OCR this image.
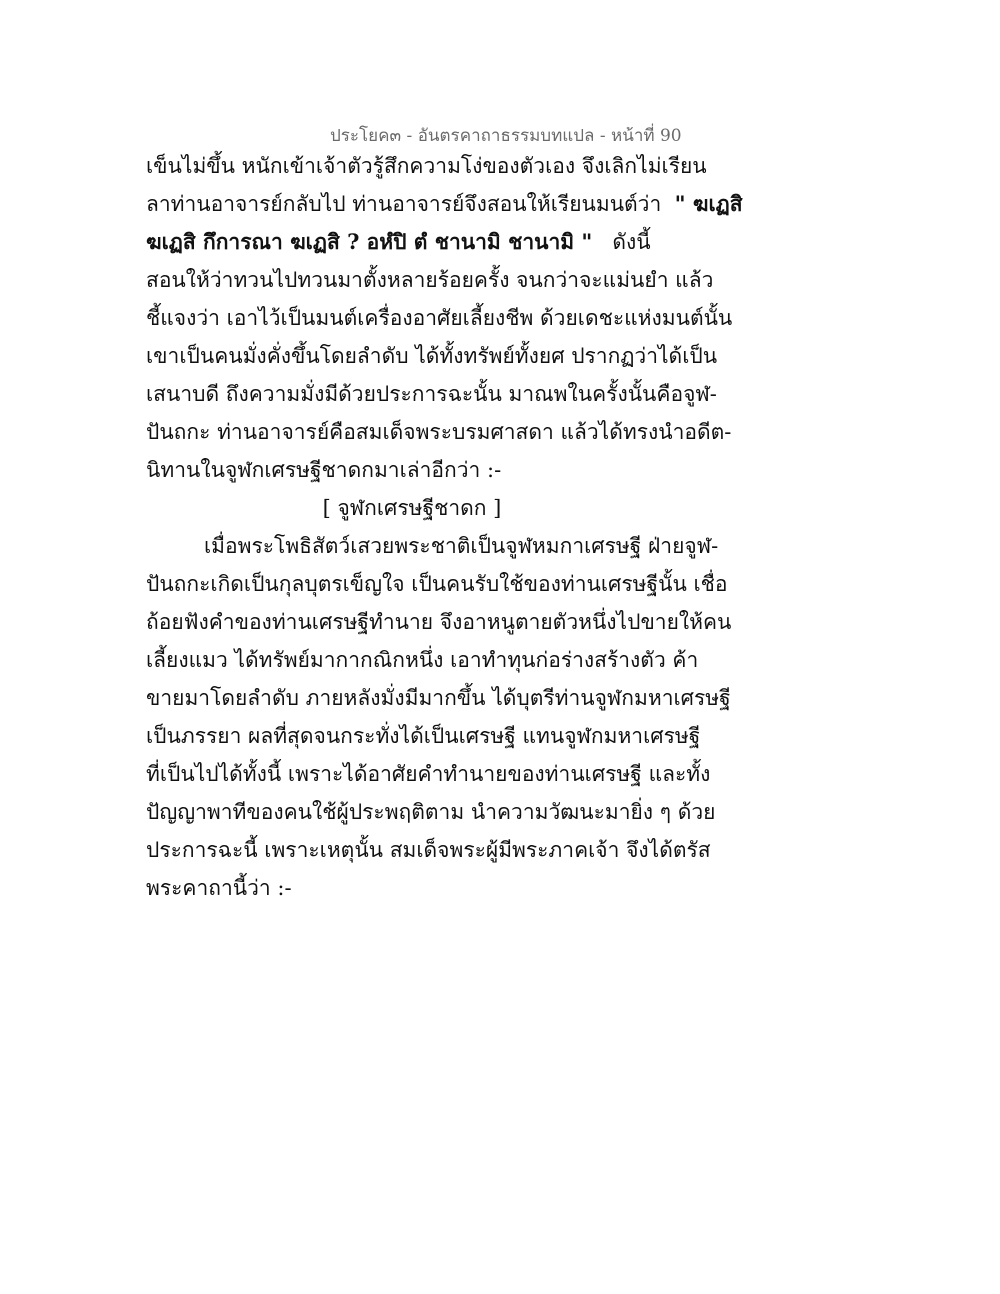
ประโยค๓ - อันตรคาถาธรรมบทแปล - หน้าที่ 90
เข็นไม่ขึ้น หนักเข้าเจ้าตัวรู้สึกความโง่ของตัวเอง จึงเลิกไม่เรียน
ลาท่านอาจารย์กลับไป ท่านอาจารย์จึงสอนให้เรียนมนต์ว่า " ฆเฏสิ
ฆเฏสิ กึการณา ฆเฏสิ ? อหํปิ ตํ ชานามิ ชานามิ " ดังนี้
สอนให้ว่าทวนไปทวนมาตั้งหลายร้อยครั้ง จนกว่าจะแม่นยำ แล้ว
ชี้แจงว่า เอาไว้เป็นมนต์เครื่องอาศัยเลี้ยงชีพ ด้วยเดชะแห่งมนต์นั้น
เขาเป็นคนมั่งคั่งขึ้นโดยลำดับ ได้ทั้งทรัพย์ทั้งยศ ปรากฏว่าได้เป็น
เสนาบดี ถึงความมั่งมีด้วยประการฉะนั้น มาณพในครั้งนั้นคือจูฬ-
ปันถกะ ท่านอาจารย์คือสมเด็จพระบรมศาสดา แล้วได้ทรงนำอดีต-
นิทานในจูฬกเศรษฐีชาดกมาเล่าอีกว่า :-
[ จูฬกเศรษฐีชาดก ]
เมื่อพระโพธิสัตว์เสวยพระชาติเป็นจูฬหมกาเศรษฐี ฝ่ายจูฬ-
ปันถกะเกิดเป็นกุลบุตรเข็ญใจ เป็นคนรับใช้ของท่านเศรษฐีนั้น เชื่อ
ถ้อยฟังคำของท่านเศรษฐีทำนาย จึงอาหนูตายตัวหนึ่งไปขายให้คน
เลี้ยงแมว ได้ทรัพย์มากากณิกหนึ่ง เอาทำทุนก่อร่างสร้างตัว ค้า
ขายมาโดยลำดับ ภายหลังมั่งมีมากขึ้น ได้บุตรีท่านจูฬกมหาเศรษฐี
เป็นภรรยา ผลที่สุดจนกระทั่งได้เป็นเศรษฐี แทนจูฬกมหาเศรษฐี
ที่เป็นไปได้ทั้งนี้ เพราะได้อาศัยคำทำนายของท่านเศรษฐี และทั้ง
ปัญญาพาทีของคนใช้ผู้ประพฤติตาม นำความวัฒนะมายิ่ง ๆ ด้วย
ประการฉะนี้ เพราะเหตุนั้น สมเด็จพระผู้มีพระภาคเจ้า จึงได้ตรัส
พระคาถานี้ว่า :-
